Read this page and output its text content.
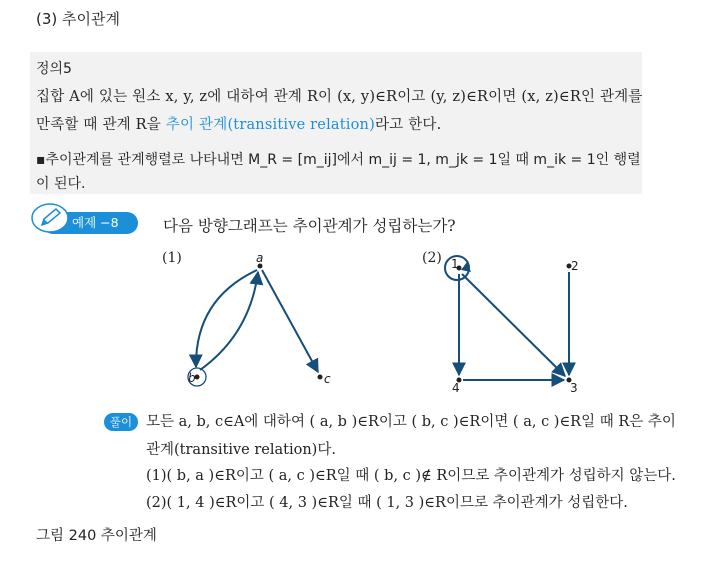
(3) 추이관계
정의5
집합 A에 있는 원소 x, y, z에 대하여 관계 R이 (x, y)∈R이고 (y, z)∈R이면 (x, z)∈R인 관계를
만족할 때 관계 R을 추이 관계(transitive relation)라고 한다.
▪추이관계를 관계행렬로 나타내면 M_R = [m_ij]에서 m_ij = 1, m_jk = 1일 때 m_ik = 1인 행렬
이 된다.
예제 −8	다음 방향그래프는 추이관계가 성립하는가?
(1)	a
b	c
(2) 1	2
3
4
풀이 모든 a, b, c∈A에 대하여 ( a, b )∈R이고 ( b, c )∈R이면 ( a, c )∈R일 때 R은 추이
관계(transitive relation)다.
(1)( b, a )∈R이고 ( a, c )∈R일 때 ( b, c )∉ R이므로 추이관계가 성립하지 않는다.
(2)( 1, 4 )∈R이고 ( 4, 3 )∈R일 때 ( 1, 3 )∈R이므로 추이관계가 성립한다.
그림 240 추이관계
